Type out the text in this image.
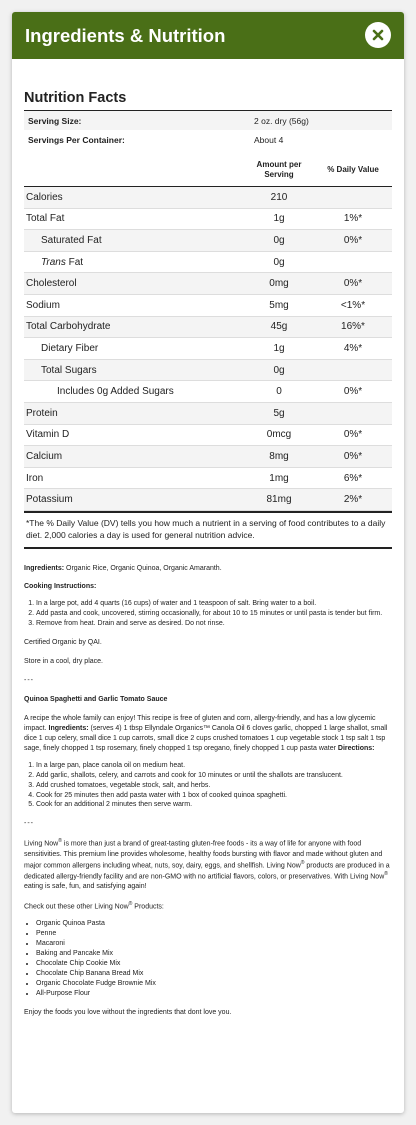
Ingredients & Nutrition
Nutrition Facts
Serving Size:	2 oz. dry (56g)
Servings Per Container:	About 4
Amount per Serving	% Daily Value
Calories	210
Total Fat	1g	1%*
Saturated Fat	0g	0%*
Trans Fat	0g
Cholesterol	0mg	0%*
Sodium	5mg	<1%*
Total Carbohydrate	45g	16%*
Dietary Fiber	1g	4%*
Total Sugars	0g
Includes 0g Added Sugars	0	0%*
Protein	5g
Vitamin D	0mcg	0%*
Calcium	8mg	0%*
Iron	1mg	6%*
Potassium	81mg	2%*
*The % Daily Value (DV) tells you how much a nutrient in a serving of food contributes to a daily diet. 2,000 calories a day is used for general nutrition advice.

Ingredients: Organic Rice, Organic Quinoa, Organic Amaranth.

Cooking Instructions:

1. In a large pot, add 4 quarts (16 cups) of water and 1 teaspoon of salt. Bring water to a boil.
2. Add pasta and cook, uncovered, stirring occasionally, for about 10 to 15 minutes or until pasta is tender but firm.
3. Remove from heat. Drain and serve as desired. Do not rinse.

Certified Organic by QAI.

Store in a cool, dry place.

---

Quinoa Spaghetti and Garlic Tomato Sauce

A recipe the whole family can enjoy! This recipe is free of gluten and corn, allergy-friendly, and has a low glycemic impact. Ingredients: (serves 4) 1 tbsp Ellyndale Organics™ Canola Oil 6 cloves garlic, chopped 1 large shallot, small dice 1 cup celery, small dice 1 cup carrots, small dice 2 cups crushed tomatoes 1 cup vegetable stock 1 tsp salt 1 tsp sage, finely chopped 1 tsp rosemary, finely chopped 1 tsp oregano, finely chopped 1 cup pasta water Directions:

1. In a large pan, place canola oil on medium heat.
2. Add garlic, shallots, celery, and carrots and cook for 10 minutes or until the shallots are translucent.
3. Add crushed tomatoes, vegetable stock, salt, and herbs.
4. Cook for 25 minutes then add pasta water with 1 box of cooked quinoa spaghetti.
5. Cook for an additional 2 minutes then serve warm.

---

Living Now® is more than just a brand of great-tasting gluten-free foods - its a way of life for anyone with food sensitivities. This premium line provides wholesome, healthy foods bursting with flavor and made without gluten and major common allergens including wheat, nuts, soy, dairy, eggs, and shellfish. Living Now® products are produced in a dedicated allergy-friendly facility and are non-GMO with no artificial flavors, colors, or preservatives. With Living Now® eating is safe, fun, and satisfying again!

Check out these other Living Now® Products:

• Organic Quinoa Pasta
• Penne
• Macaroni
• Baking and Pancake Mix
• Chocolate Chip Cookie Mix
• Chocolate Chip Banana Bread Mix
• Organic Chocolate Fudge Brownie Mix
• All-Purpose Flour

Enjoy the foods you love without the ingredients that dont love you.
